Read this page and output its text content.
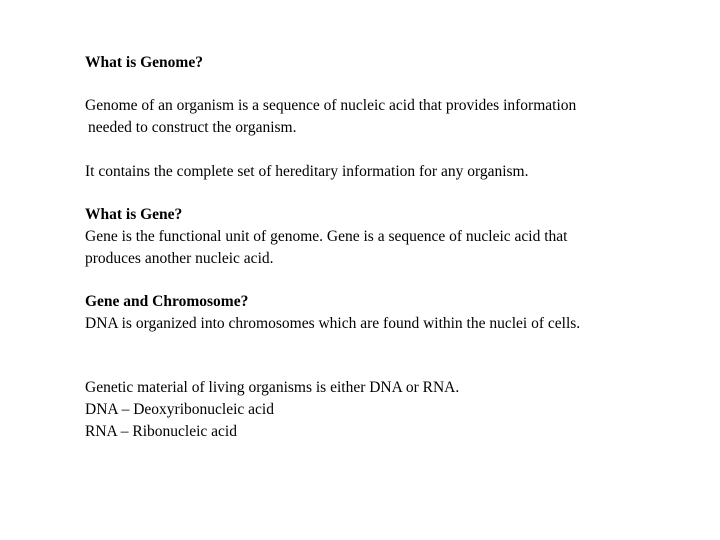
What is Genome?
Genome of an organism is a sequence of nucleic acid that provides information
needed to construct the organism.
It contains the complete set of hereditary information for any organism.
What is Gene?
Gene is the functional unit of genome. Gene is a sequence of nucleic acid that
produces another nucleic acid.
Gene and Chromosome?
DNA is organized into chromosomes which are found within the nuclei of cells.
Genetic material of living organisms is either DNA or RNA.
DNA – Deoxyribonucleic acid
RNA – Ribonucleic acid
